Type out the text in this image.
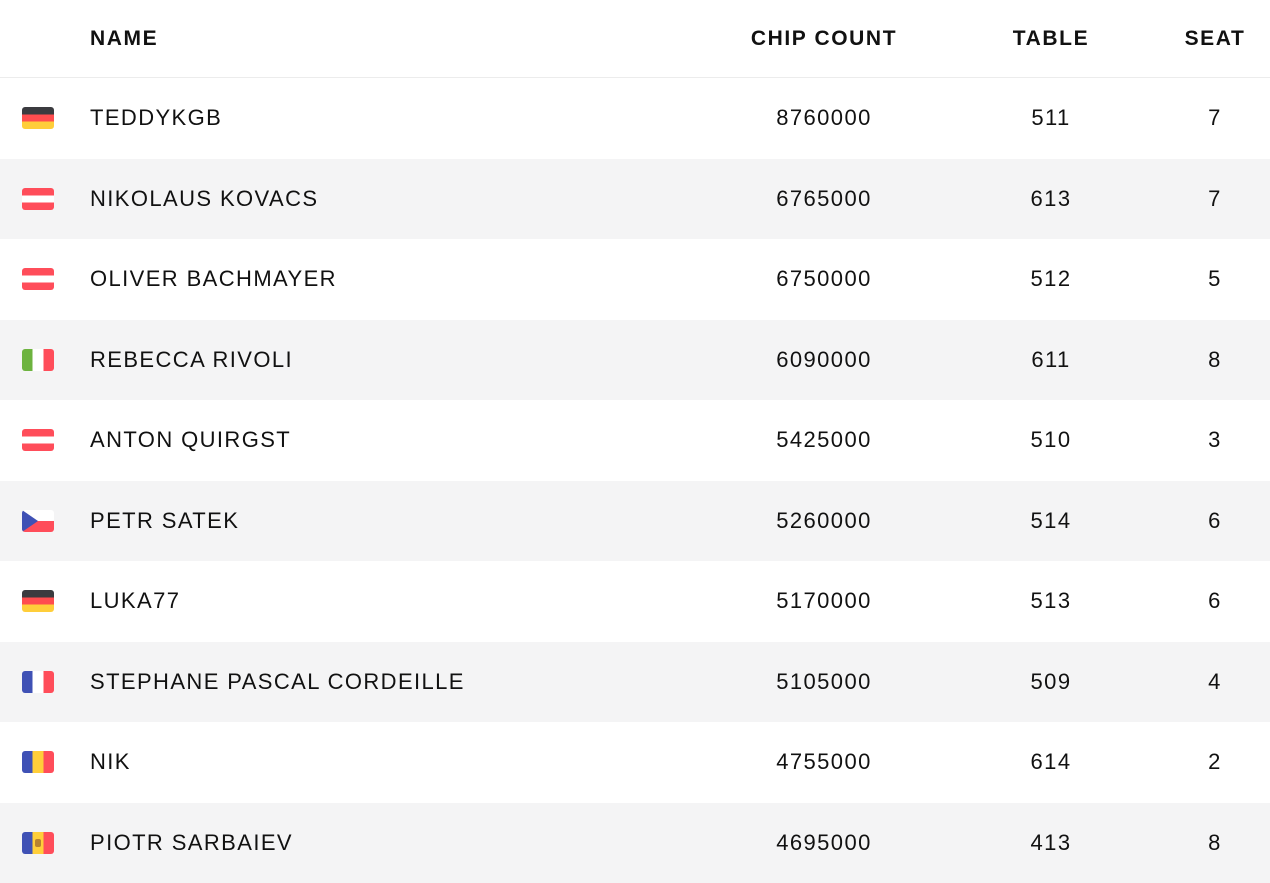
NAME	CHIP COUNT	TABLE	SEAT
TEDDYKGB	8760000	511	7
NIKOLAUS KOVACS	6765000	613	7
OLIVER BACHMAYER	6750000	512	5
REBECCA RIVOLI	6090000	611	8
ANTON QUIRGST	5425000	510	3
PETR SATEK	5260000	514	6
LUKA77	5170000	513	6
STEPHANE PASCAL CORDEILLE	5105000	509	4
NIK	4755000	614	2
PIOTR SARBAIEV	4695000	413	8
